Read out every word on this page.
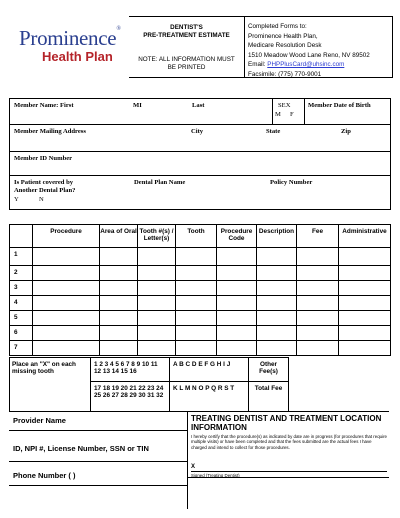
Prominence®
Health Plan
DENTIST'S
PRE-TREATMENT ESTIMATE
NOTE: ALL INFORMATION MUST
BE PRINTED
Completed Forms to:
Prominence Health Plan,
Medicare Resolution Desk
1510 Meadow Wood Lane Reno, NV 89502
Email: PHPPlusCard@uhsinc.com
Facsimile: (775) 770-9001
Member Name: First	MI	Last	SEX
M F
Member Date of Birth
Member Mailing Address	City	State	Zip
Member ID Number
Is Patient covered by
Another Dental Plan?
Y	N
Dental Plan Name	Policy Number
	Procedure	Area of Oral	Tooth #(s) / Letter(s)	Tooth	Procedure Code	Description	Fee	Administrative
1								
2								
3								
4								
5								
6								
7								
Place an "X" on each missing tooth	1 2 3 4 5 6 7 8 9 10 11 12 13 14 15 16	A B C D E F G H I J	Other Fee(s)	
	17 18 19 20 21 22 23 24 25 26 27 28 29 30 31 32	K L M N O P Q R S T	Total Fee	
Provider Name
ID, NPI #, License Number, SSN or TIN
Phone Number ( )
TREATING DENTIST AND TREATMENT LOCATION INFORMATION
I hereby certify that the procedure(s) as indicated by date are in progress (for procedures that require multiple visits) or have been completed and that the fees submitted are the actual fees I have charged and intend to collect for those procedures.
X
Signed (Treating Dentist)
